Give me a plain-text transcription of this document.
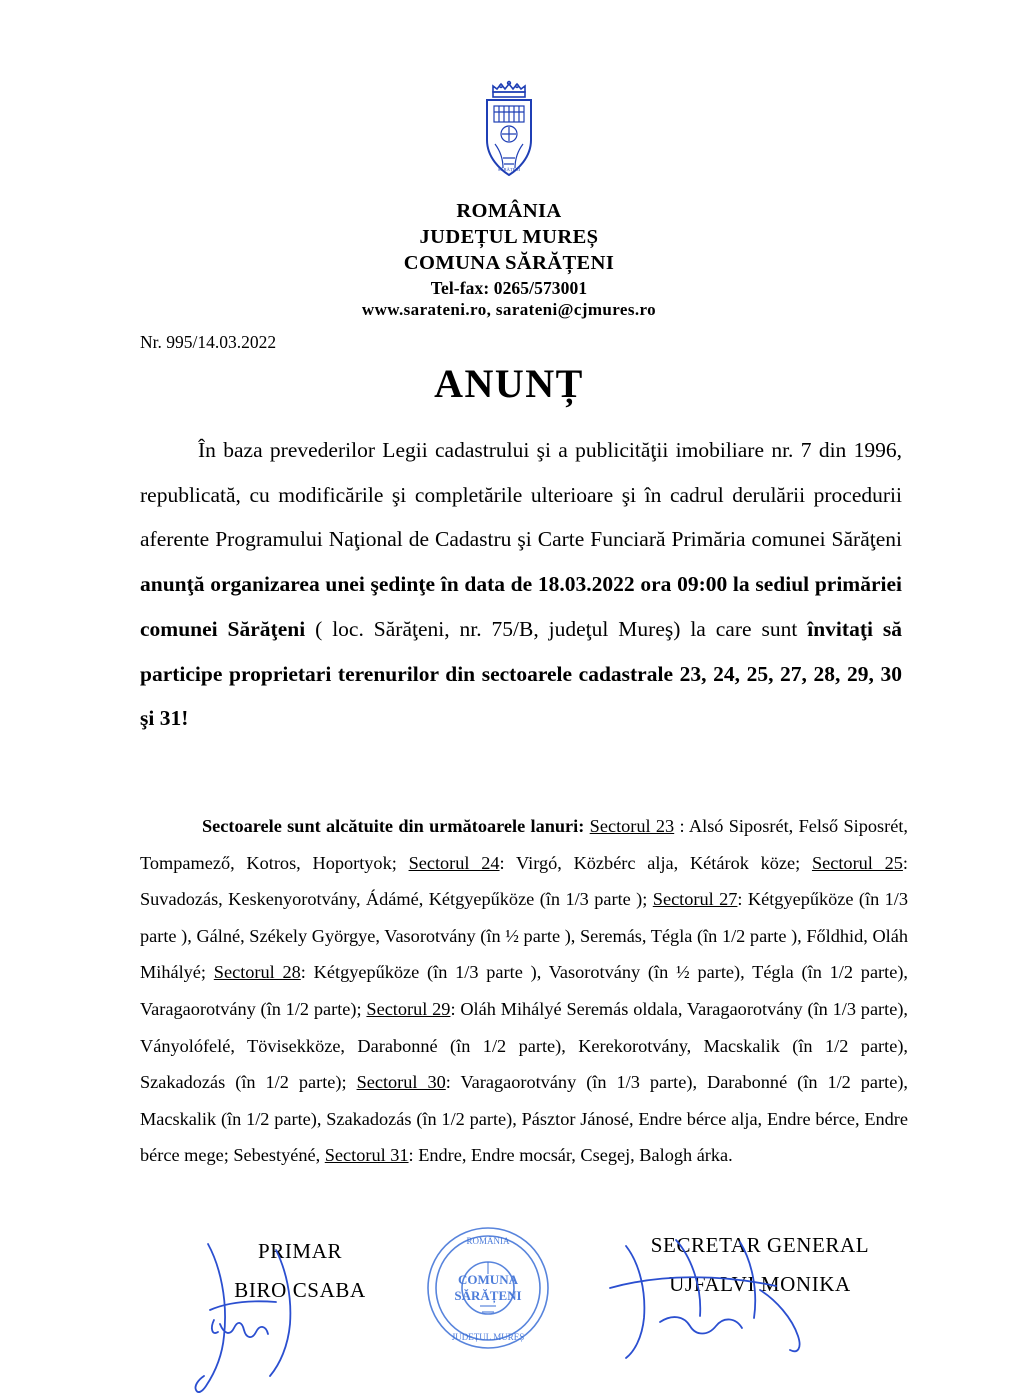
SĂRĂȚENI
ROMÂNIA
JUDEȚUL MUREȘ
COMUNA SĂRĂȚENI
Tel-fax: 0265/573001
www.sarateni.ro, sarateni@cjmures.ro
Nr. 995/14.03.2022
ANUNȚ
În baza prevederilor Legii cadastrului şi a publicităţii imobiliare nr. 7 din 1996, republicată, cu modificările şi completările ulterioare şi în cadrul derulării procedurii aferente Programului Naţional de Cadastru şi Carte Funciară Primăria comunei Sărăţeni anunţă organizarea unei şedinţe în data de 18.03.2022 ora 09:00 la sediul primăriei comunei Sărăţeni ( loc. Sărăţeni, nr. 75/B, judeţul Mureş) la care sunt învitaţi să participe proprietari terenurilor din sectoarele cadastrale 23, 24, 25, 27, 28, 29, 30 şi 31!
Sectoarele sunt alcătuite din următoarele lanuri: Sectorul 23 : Alsó Siposrét, Felső Siposrét, Tompamező, Kotros, Hoportyok; Sectorul 24: Virgó, Közbérc alja, Kétárok köze; Sectorul 25: Suvadozás, Keskenyorotvány, Ádámé, Kétgyepűköze (în 1/3 parte ); Sectorul 27: Kétgyepűköze (în 1/3 parte ), Gálné, Székely Györgye, Vasorotvány (în ½ parte ), Seremás, Tégla (în 1/2 parte ), Főldhid, Oláh Mihályé; Sectorul 28: Kétgyepűköze (în 1/3 parte ), Vasorotvány (în ½ parte), Tégla (în 1/2 parte), Varagaorotvány (în 1/2 parte); Sectorul 29: Oláh Mihályé Seremás oldala, Varagaorotvány (în 1/3 parte), Ványolófelé, Tövisekköze, Darabonné (în 1/2 parte), Kerekorotvány, Macskalik (în 1/2 parte), Szakadozás (în 1/2 parte); Sectorul 30: Varagaorotvány (în 1/3 parte), Darabonné (în 1/2 parte), Macskalik (în 1/2 parte), Szakadozás (în 1/2 parte), Pásztor Jánosé, Endre bérce alja, Endre bérce, Endre bérce mege; Sebestyéné, Sectorul 31: Endre, Endre mocsár, Csegej, Balogh árka.
PRIMAR
BIRO CSABA
SECRETAR GENERAL
UJFALVI MONIKA
ROMÂNIA
COMUNA
SĂRĂȚENI
JUDEȚUL MUREȘ
